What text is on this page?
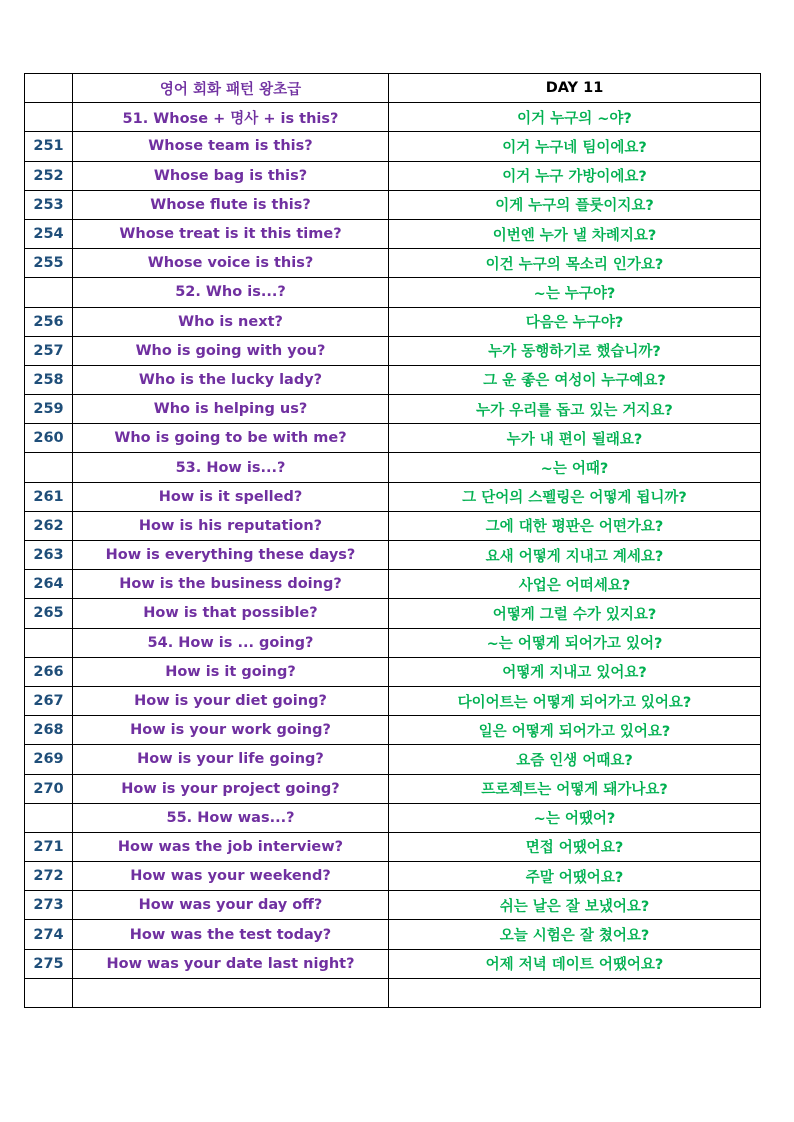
	영어 회화 패턴 왕초급	DAY 11
	51. Whose + 명사 + is this?	이거 누구의 ~야?
251	Whose team is this?	이거 누구네 팀이에요?
252	Whose bag is this?	이거 누구 가방이에요?
253	Whose flute is this?	이게 누구의 플룻이지요?
254	Whose treat is it this time?	이번엔 누가 낼 차례지요?
255	Whose voice is this?	이건 누구의 목소리 인가요?
	52. Who is...?	~는 누구야?
256	Who is next?	다음은 누구야?
257	Who is going with you?	누가 동행하기로 했습니까?
258	Who is the lucky lady?	그 운 좋은 여성이 누구예요?
259	Who is helping us?	누가 우리를 돕고 있는 거지요?
260	Who is going to be with me?	누가 내 편이 될래요?
	53. How is...?	~는 어때?
261	How is it spelled?	그 단어의 스펠링은 어떻게 됩니까?
262	How is his reputation?	그에 대한 평판은 어떤가요?
263	How is everything these days?	요새 어떻게 지내고 계세요?
264	How is the business doing?	사업은 어떠세요?
265	How is that possible?	어떻게 그럴 수가 있지요?
	54. How is ... going?	~는 어떻게 되어가고 있어?
266	How is it going?	어떻게 지내고 있어요?
267	How is your diet going?	다이어트는 어떻게 되어가고 있어요?
268	How is your work going?	일은 어떻게 되어가고 있어요?
269	How is your life going?	요즘 인생 어때요?
270	How is your project going?	프로젝트는 어떻게 돼가나요?
	55. How was...?	~는 어땠어?
271	How was the job interview?	면접 어땠어요?
272	How was your weekend?	주말 어땠어요?
273	How was your day off?	쉬는 날은 잘 보냈어요?
274	How was the test today?	오늘 시험은 잘 쳤어요?
275	How was your date last night?	어제 저녁 데이트 어땠어요?
